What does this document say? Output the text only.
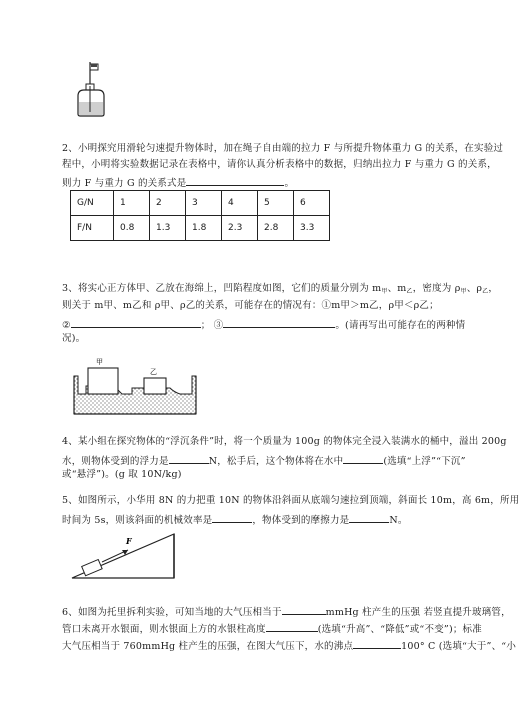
2、小明探究用滑轮匀速提升物体时，加在绳子自由端的拉力 F 与所提升物体重力 G 的关系，在实验过
程中，小明将实验数据记录在表格中，请你认真分析表格中的数据，归纳出拉力 F 与重力 G 的关系，
则力 F 与重力 G 的关系式是	。
G/N	1	2	3	4	5	6
F/N	0.8	1.3	1.8	2.3	2.8	3.3
3、将实心正方体甲、乙放在海绵上，凹陷程度如图，它们的质量分别为 $m_甲$、$m_乙$，密度为 $\rho_甲$、$\rho_乙$，
则关于 m甲、m乙和 ρ甲、ρ乙的关系，可能存在的情况有：①m甲＞m乙，ρ甲＜ρ乙；
②	； ③	。(请再写出可能存在的两种情
况)。
甲
乙
4、某小组在探究物体的“浮沉条件”时，将一个质量为 100g 的物体完全浸入装满水的桶中，溢出 200g
水，则物体受到的浮力是	N，松手后，这个物体将在水中	(选填“上浮”“下沉”
或“悬浮”)。(g 取 10N/kg)
5、如图所示，小华用 8N 的力把重 10N 的物体沿斜面从底端匀速拉到顶端，斜面长 10m，高 6m，所用
时间为 5s，则该斜面的机械效率是	，物体受到的摩擦力是	N。
F
6、如图为托里拆利实验，可知当地的大气压相当于	mmHg 柱产生的压强 若竖直提升玻璃管，
管口未离开水银面，则水银面上方的水银柱高度	(选填“升高”、“降低”或“不变”)；标准
大气压相当于 760mmHg 柱产生的压强，在图大气压下，水的沸点	100° C (选填“大于”、“小
